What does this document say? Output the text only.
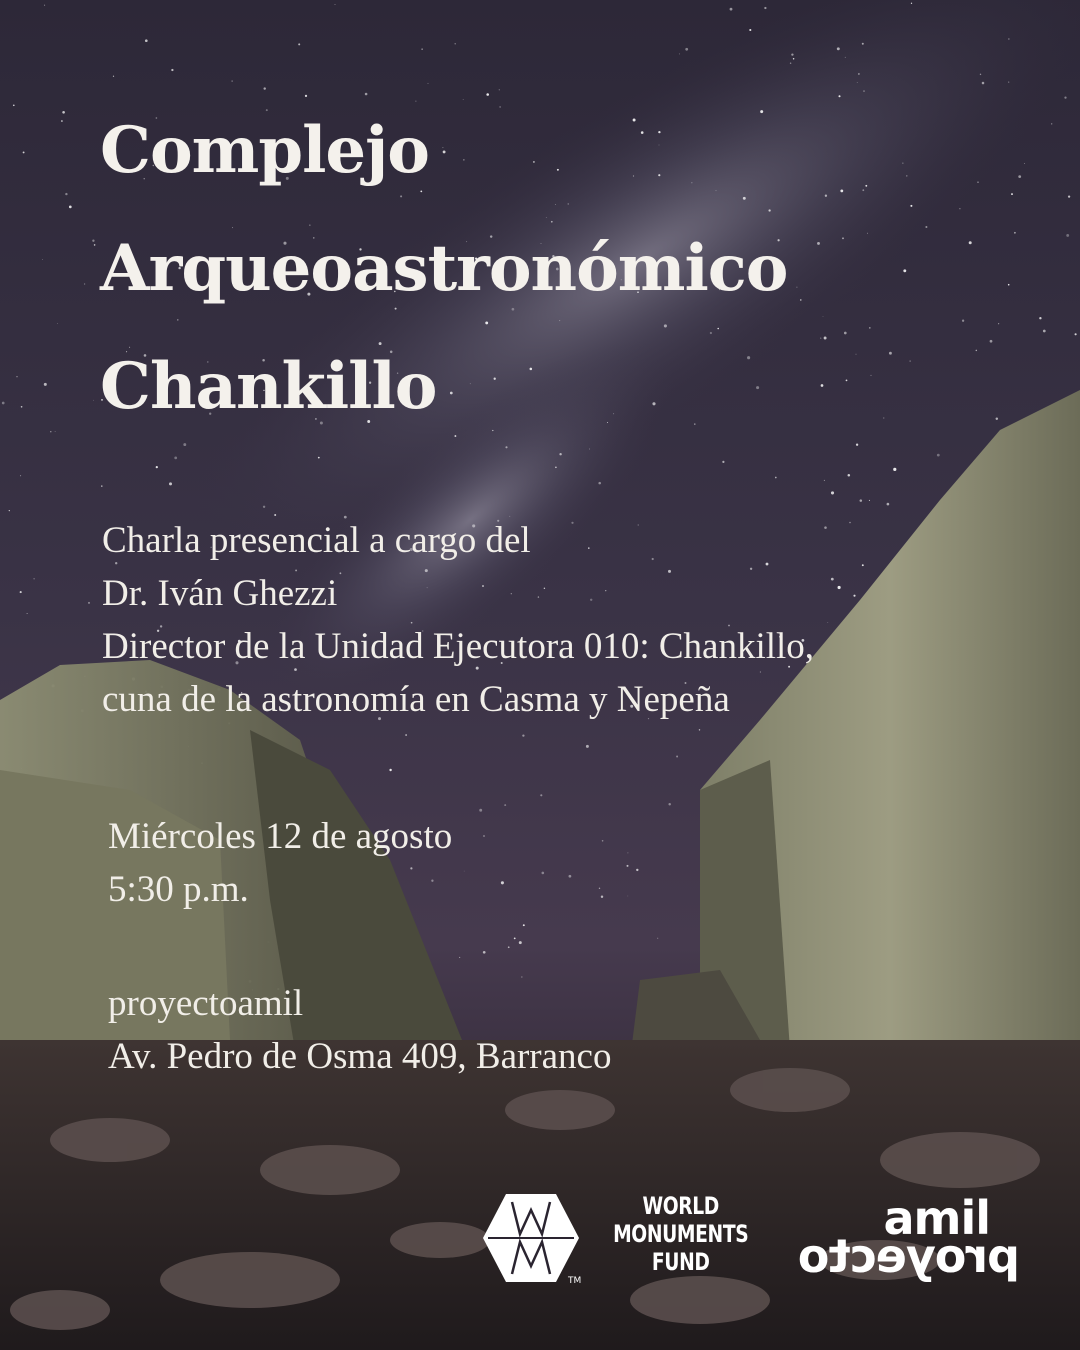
Complejo
Arqueoastronómico
Chankillo
Charla presencial a cargo del
Dr. Iván Ghezzi
Director de la Unidad Ejecutora 010: Chankillo,
cuna de la astronomía en Casma y Nepeña
Miércoles 12 de agosto
5:30 p.m.
proyectoamil
Av. Pedro de Osma 409, Barranco
TM
WORLD
MONUMENTS
FUND
amil
proyecto
